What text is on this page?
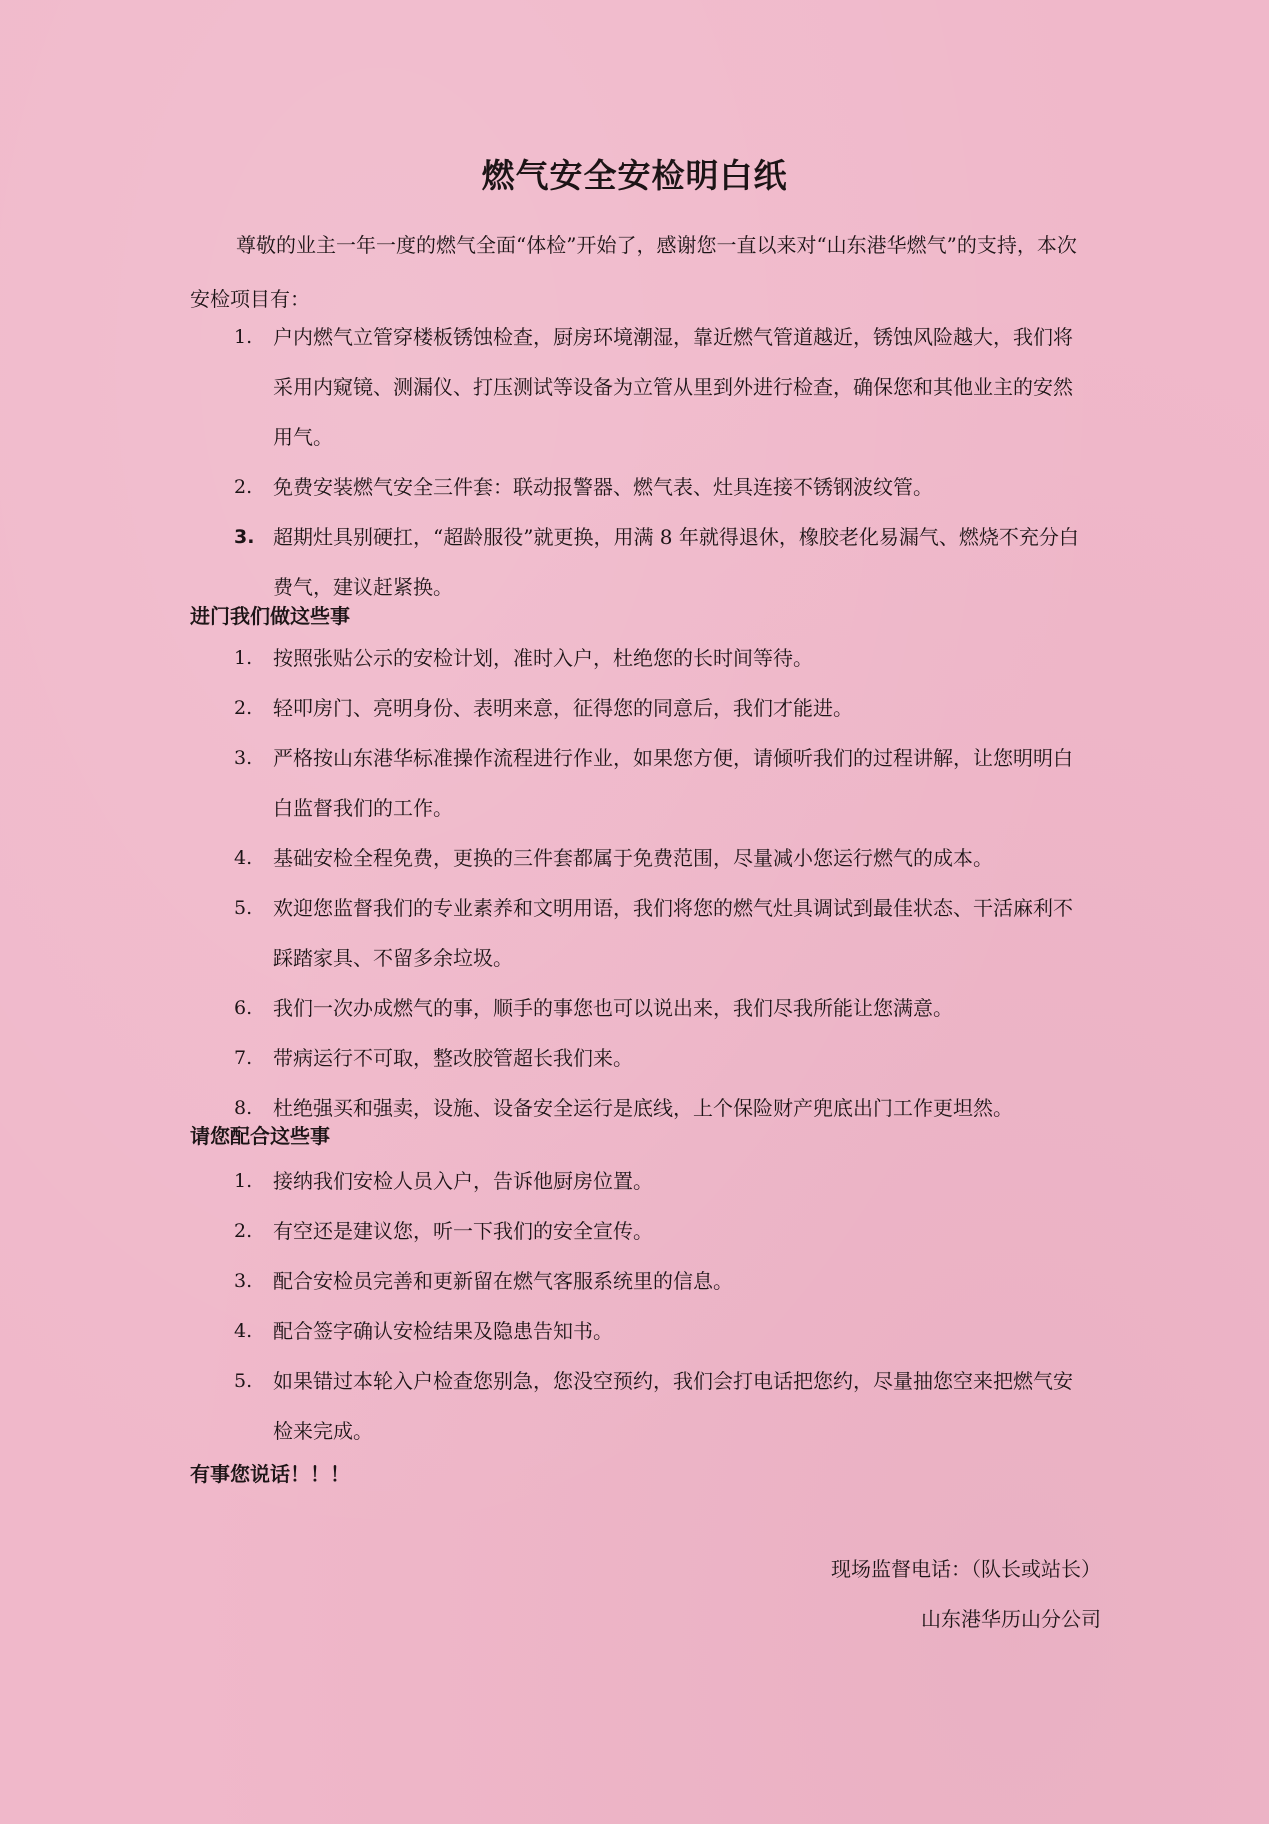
燃气安全安检明白纸

尊敬的业主一年一度的燃气全面“体检”开始了，感谢您一直以来对“山东港华燃气”的支持，本次安检项目有：

1.	户内燃气立管穿楼板锈蚀检查，厨房环境潮湿，靠近燃气管道越近，锈蚀风险越大，我们将采用内窥镜、测漏仪、打压测试等设备为立管从里到外进行检查，确保您和其他业主的安然用气。
2.	免费安装燃气安全三件套：联动报警器、燃气表、灶具连接不锈钢波纹管。
3. 超期灶具别硬扛，“超龄服役”就更换，用满 8 年就得退休，橡胶老化易漏气、燃烧不充分白费气，建议赶紧换。
进门我们做这些事
1.	按照张贴公示的安检计划，准时入户，杜绝您的长时间等待。
2.	轻叩房门、亮明身份、表明来意，征得您的同意后，我们才能进。
3.	严格按山东港华标准操作流程进行作业，如果您方便，请倾听我们的过程讲解，让您明明白白监督我们的工作。
4.	基础安检全程免费，更换的三件套都属于免费范围，尽量减小您运行燃气的成本。
5.	欢迎您监督我们的专业素养和文明用语，我们将您的燃气灶具调试到最佳状态、干活麻利不踩踏家具、不留多余垃圾。
6.	我们一次办成燃气的事，顺手的事您也可以说出来，我们尽我所能让您满意。
7.	带病运行不可取，整改胶管超长我们来。
8.	杜绝强买和强卖，设施、设备安全运行是底线，上个保险财产兜底出门工作更坦然。
请您配合这些事
1.	接纳我们安检人员入户，告诉他厨房位置。
2.	有空还是建议您，听一下我们的安全宣传。
3.	配合安检员完善和更新留在燃气客服系统里的信息。
4.	配合签字确认安检结果及隐患告知书。
5.	如果错过本轮入户检查您别急，您没空预约，我们会打电话把您约，尽量抽您空来把燃气安检来完成。

有事您说话！！！

现场监督电话：（队长或站长）

山东港华历山分公司
